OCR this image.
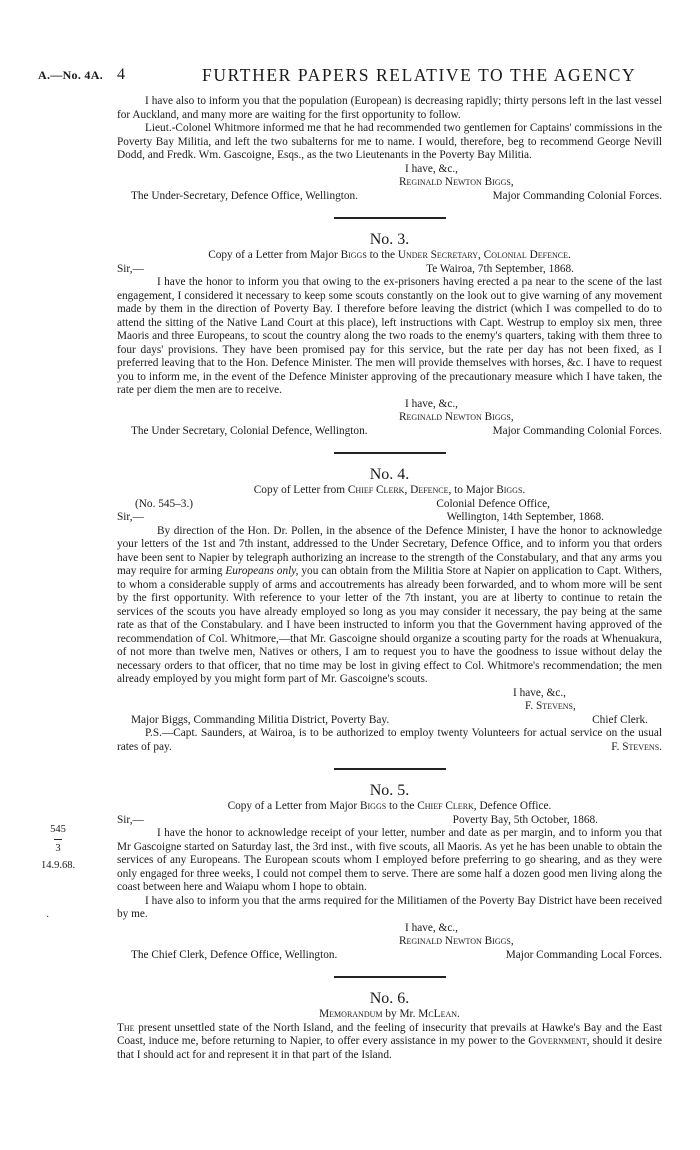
A.—No. 4A. 4	FURTHER PAPERS RELATIVE TO THE AGENCY

I have also to inform you that the population (European) is decreasing rapidly; thirty persons left in the last vessel for Auckland, and many more are waiting for the first opportunity to follow.

Lieut.-Colonel Whitmore informed me that he had recommended two gentlemen for Captains' commissions in the Poverty Bay Militia, and left the two subalterns for me to name. I would, therefore, beg to recommend George Nevill Dodd, and Fredk. Wm. Gascoigne, Esqs., as the two Lieutenants in the Poverty Bay Militia.

I have, &c.,

Reginald Newton Biggs,

The Under-Secretary, Defence Office, Wellington.	Major Commanding Colonial Forces.

No. 3.

Copy of a Letter from Major Biggs to the Under Secretary, Colonial Defence.

Sir,—	Te Wairoa, 7th September, 1868.

I have the honor to inform you that owing to the ex-prisoners having erected a pa near to the scene of the last engagement, I considered it necessary to keep some scouts constantly on the look out to give warning of any movement made by them in the direction of Poverty Bay. I therefore before leaving the district (which I was compelled to do to attend the sitting of the Native Land Court at this place), left instructions with Capt. Westrup to employ six men, three Maoris and three Europeans, to scout the country along the two roads to the enemy's quarters, taking with them three to four days' provisions. They have been promised pay for this service, but the rate per day has not been fixed, as I preferred leaving that to the Hon. Defence Minister. The men will provide themselves with horses, &c. I have to request you to inform me, in the event of the Defence Minister approving of the precautionary measure which I have taken, the rate per diem the men are to receive.

I have, &c.,

Reginald Newton Biggs,

The Under Secretary, Colonial Defence, Wellington.	Major Commanding Colonial Forces.

No. 4.

Copy of Letter from Chief Clerk, Defence, to Major Biggs.

(No. 545–3.)	Colonial Defence Office,
Sir,—	Wellington, 14th September, 1868.

By direction of the Hon. Dr. Pollen, in the absence of the Defence Minister, I have the honor to acknowledge your letters of the 1st and 7th instant, addressed to the Under Secretary, Defence Office, and to inform you that orders have been sent to Napier by telegraph authorizing an increase to the strength of the Constabulary, and that any arms you may require for arming Europeans only, you can obtain from the Militia Store at Napier on application to Capt. Withers, to whom a considerable supply of arms and accoutrements has already been forwarded, and to whom more will be sent by the first opportunity. With reference to your letter of the 7th instant, you are at liberty to continue to retain the services of the scouts you have already employed so long as you may consider it necessary, the pay being at the same rate as that of the Constabulary. and I have been instructed to inform you that the Government having approved of the recommendation of Col. Whitmore,—that Mr. Gascoigne should organize a scouting party for the roads at Whenuakura, of not more than twelve men, Natives or others, I am to request you to have the goodness to issue without delay the necessary orders to that officer, that no time may be lost in giving effect to Col. Whitmore's recommendation; the men already employed by you might form part of Mr. Gascoigne's scouts.

I have, &c.,

F. Stevens,

Major Biggs, Commanding Militia District, Poverty Bay.	Chief Clerk.

P.S.—Capt. Saunders, at Wairoa, is to be authorized to employ twenty Volunteers for actual service on the usual rates of pay.	F. Stevens.

No. 5.

Copy of a Letter from Major Biggs to the Chief Clerk, Defence Office.

Sir,—	Poverty Bay, 5th October, 1868.

I have the honor to acknowledge receipt of your letter, number and date as per margin, and to inform you that Mr Gascoigne started on Saturday last, the 3rd inst., with five scouts, all Maoris. As yet he has been unable to obtain the services of any Europeans. The European scouts whom I employed before preferring to go shearing, and as they were only engaged for three weeks, I could not compel them to serve. There are some half a dozen good men living along the coast between here and Waiapu whom I hope to obtain.

I have also to inform you that the arms required for the Militiamen of the Poverty Bay District have been received by me.

I have, &c.,

Reginald Newton Biggs,

The Chief Clerk, Defence Office, Wellington.	Major Commanding Local Forces.

No. 6.

Memorandum by Mr. McLean.

The present unsettled state of the North Island, and the feeling of insecurity that prevails at Hawke's Bay and the East Coast, induce me, before returning to Napier, to offer every assistance in my power to the Government, should it desire that I should act for and represent it in that part of the Island.

545
3
14.9.68.
·
